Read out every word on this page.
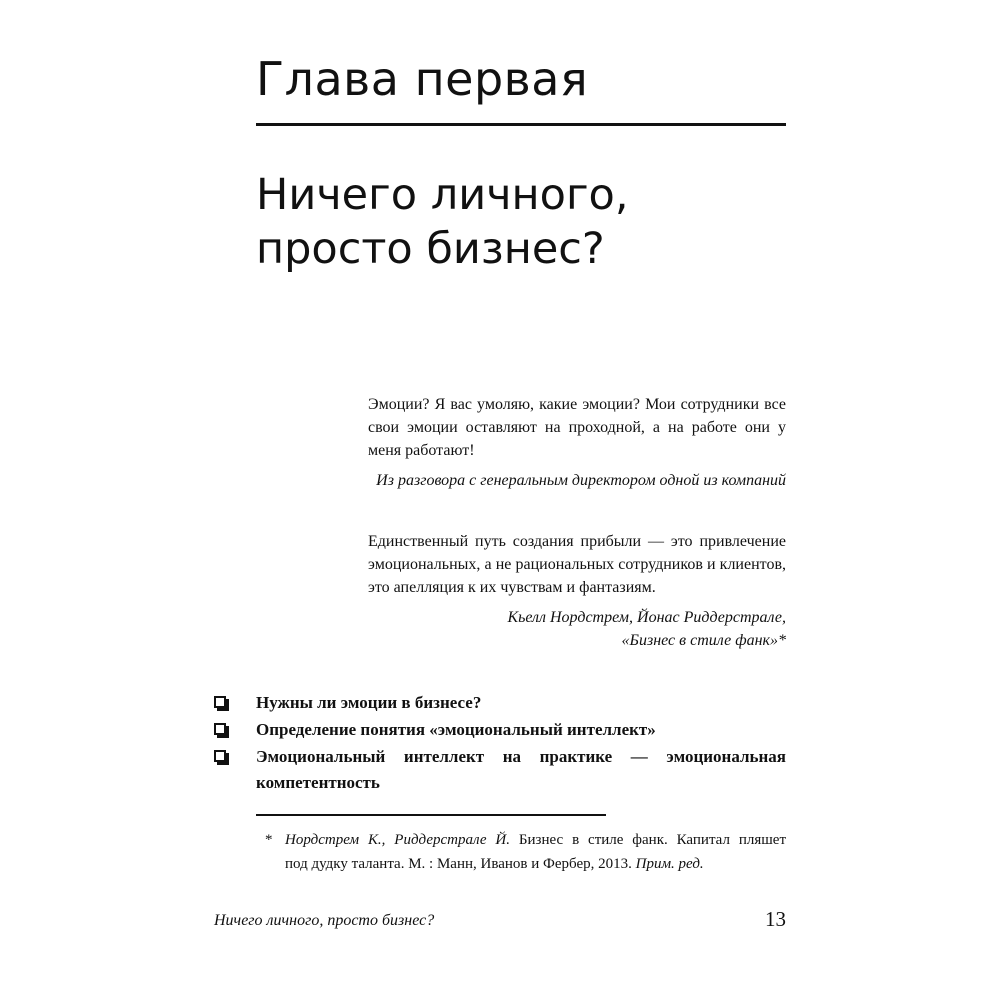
Глава первая
Ничего личного,
просто бизнес?

Эмоции? Я вас умоляю, какие эмоции? Мои сотрудники все свои эмоции оставляют на проходной, а на работе они у меня работают!

Из разговора с генеральным директором одной из компаний

Единственный путь создания прибыли — это привлечение эмоциональных, а не рациональных сотрудников и клиентов, это апелляция к их чувствам и фантазиям.

Кьелл Нордстрем, Йонас Риддерстрале,
«Бизнес в стиле фанк»*
Нужны ли эмоции в бизнесе?
Определение понятия «эмоциональный интеллект»
Эмоциональный интеллект на практике — эмоциональная компетентность
* Нордстрем К., Риддерстрале Й. Бизнес в стиле фанк. Капитал пляшет
под дудку таланта. М. : Манн, Иванов и Фербер, 2013. Прим. ред.
Ничего личного, просто бизнес?	13
